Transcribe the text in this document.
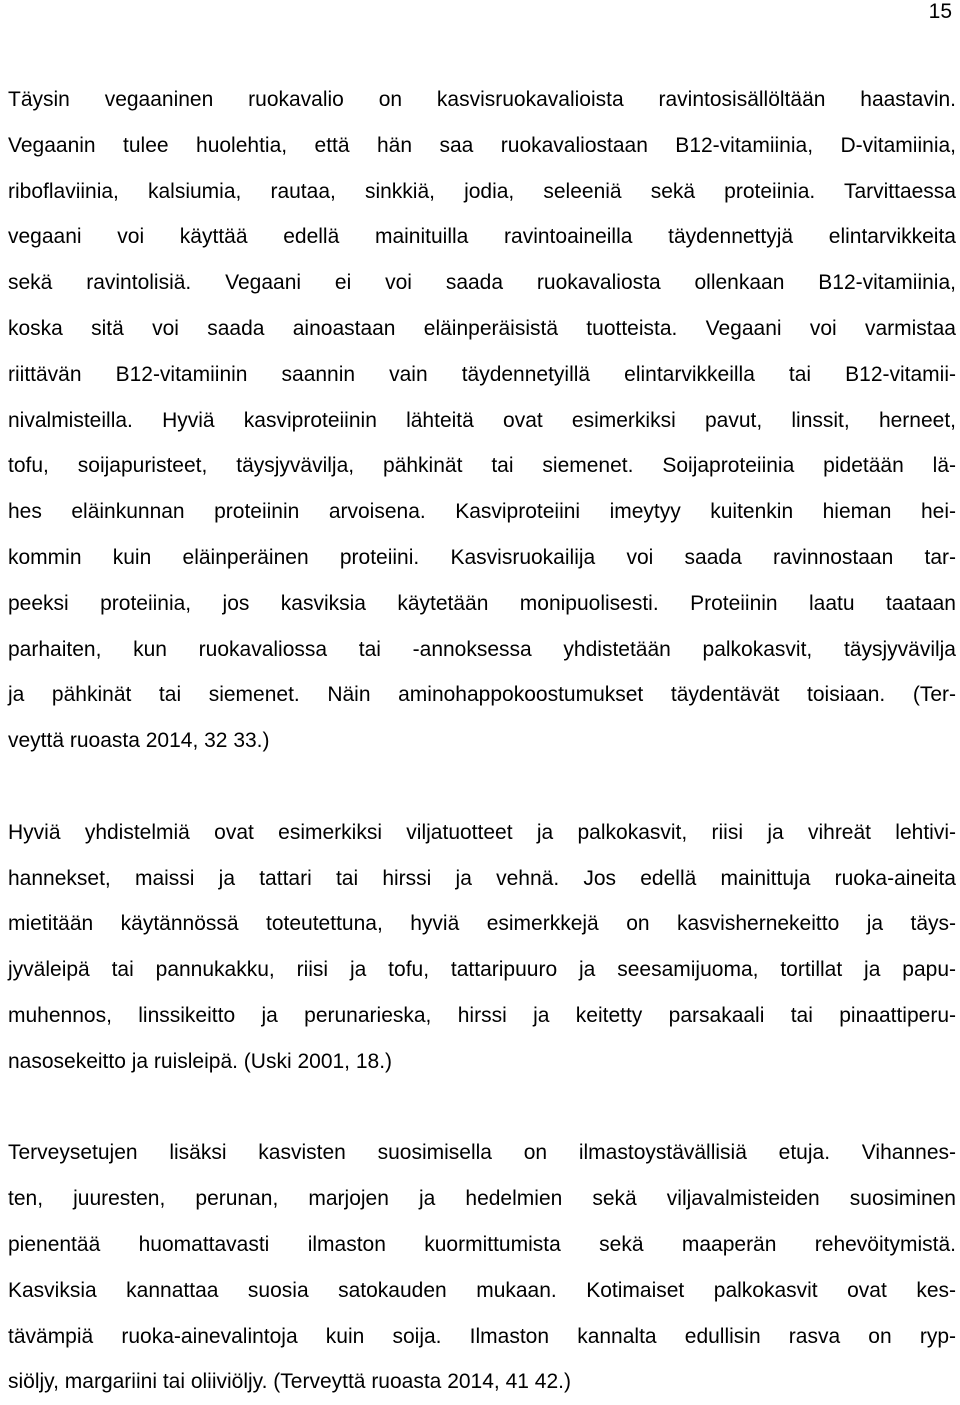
15
Täysin vegaaninen ruokavalio on kasvisruokavalioista ravintosisällöltään haastavin.
Vegaanin tulee huolehtia, että hän saa ruokavaliostaan B12-vitamiinia, D-vitamiinia,
riboflaviinia, kalsiumia, rautaa, sinkkiä, jodia, seleeniä sekä proteiinia. Tarvittaessa
vegaani voi käyttää edellä mainituilla ravintoaineilla täydennettyjä elintarvikkeita
sekä ravintolisiä. Vegaani ei voi saada ruokavaliosta ollenkaan B12-vitamiinia,
koska sitä voi saada ainoastaan eläinperäisistä tuotteista. Vegaani voi varmistaa
riittävän B12-vitamiinin saannin vain täydennetyillä elintarvikkeilla tai B12-vitamii-
nivalmisteilla. Hyviä kasviproteiinin lähteitä ovat esimerkiksi pavut, linssit, herneet,
tofu, soijapuristeet, täysjyvävilja, pähkinät tai siemenet. Soijaproteiinia pidetään lä-
hes eläinkunnan proteiinin arvoisena. Kasviproteiini imeytyy kuitenkin hieman hei-
kommin kuin eläinperäinen proteiini. Kasvisruokailija voi saada ravinnostaan tar-
peeksi proteiinia, jos kasviksia käytetään monipuolisesti. Proteiinin laatu taataan
parhaiten, kun ruokavaliossa tai -annoksessa yhdistetään palkokasvit, täysjyvävilja
ja pähkinät tai siemenet. Näin aminohappokoostumukset täydentävät toisiaan. (Ter-
veyttä ruoasta 2014, 32 33.)
Hyviä yhdistelmiä ovat esimerkiksi viljatuotteet ja palkokasvit, riisi ja vihreät lehtivi-
hannekset, maissi ja tattari tai hirssi ja vehnä. Jos edellä mainittuja ruoka-aineita
mietitään käytännössä toteutettuna, hyviä esimerkkejä on kasvishernekeitto ja täys-
jyväleipä tai pannukakku, riisi ja tofu, tattaripuuro ja seesamijuoma, tortillat ja papu-
muhennos, linssikeitto ja perunarieska, hirssi ja keitetty parsakaali tai pinaattiperu-
nasosekeitto ja ruisleipä. (Uski 2001, 18.)
Terveysetujen lisäksi kasvisten suosimisella on ilmastoystävällisiä etuja. Vihannes-
ten, juuresten, perunan, marjojen ja hedelmien sekä viljavalmisteiden suosiminen
pienentää huomattavasti ilmaston kuormittumista sekä maaperän rehevöitymistä.
Kasviksia kannattaa suosia satokauden mukaan. Kotimaiset palkokasvit ovat kes-
tävämpiä ruoka-ainevalintoja kuin soija. Ilmaston kannalta edullisin rasva on ryp-
siöljy, margariini tai oliiviöljy. (Terveyttä ruoasta 2014, 41 42.)
